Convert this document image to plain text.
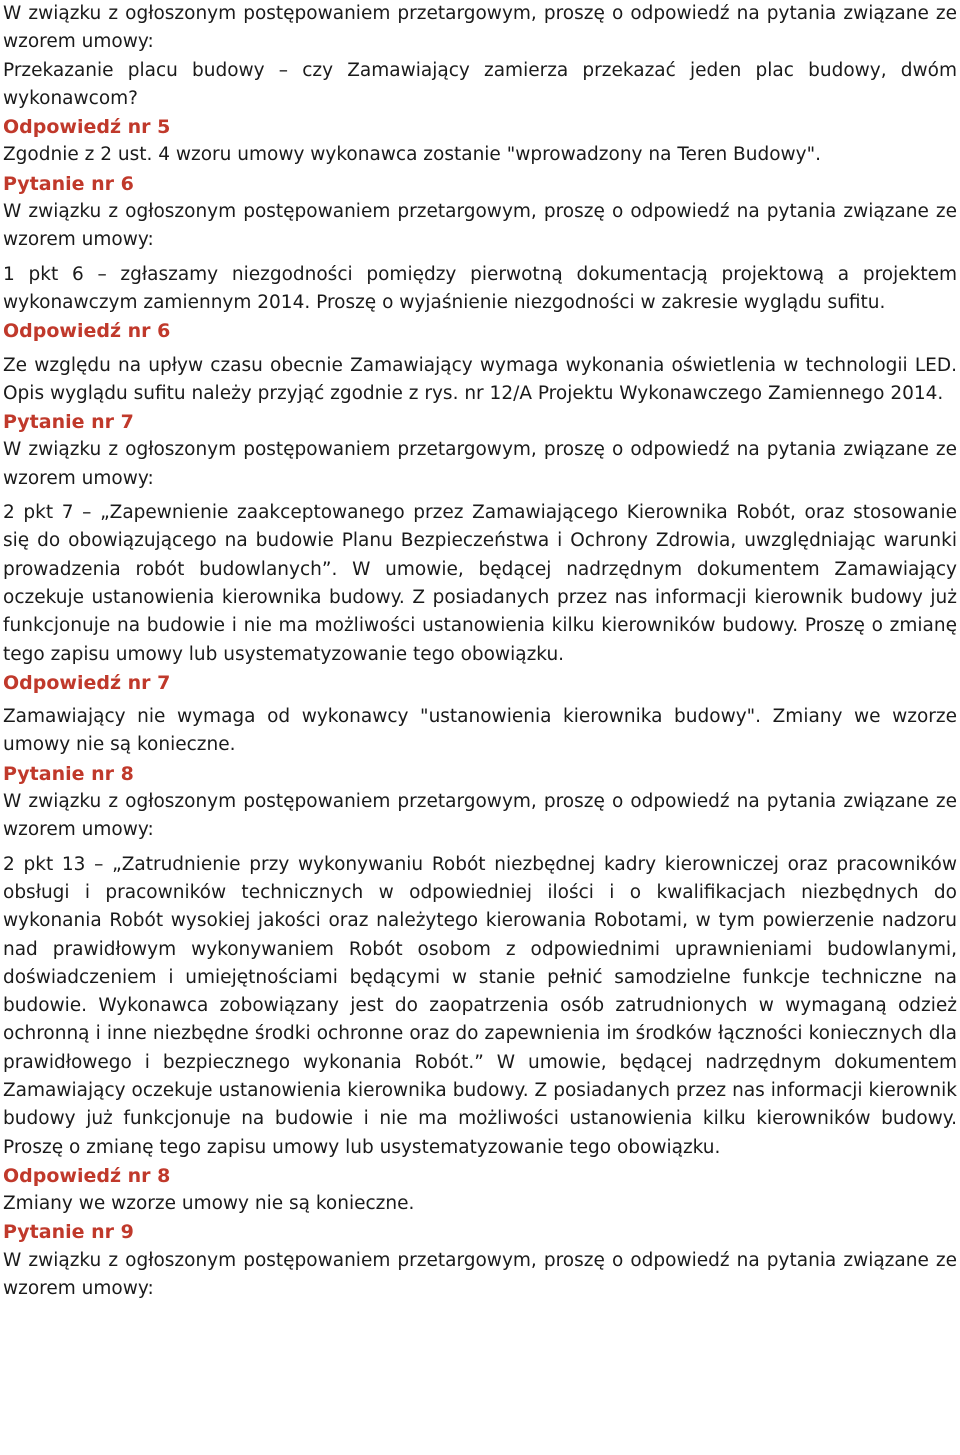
W związku z ogłoszonym postępowaniem przetargowym, proszę o odpowiedź na pytania związane ze wzorem umowy:

Przekazanie placu budowy – czy Zamawiający zamierza przekazać jeden plac budowy, dwóm wykonawcom?

Odpowiedź nr 5

Zgodnie z 2 ust. 4 wzoru umowy wykonawca zostanie "wprowadzony na Teren Budowy".

Pytanie nr 6

W związku z ogłoszonym postępowaniem przetargowym, proszę o odpowiedź na pytania związane ze wzorem umowy:

1 pkt 6 – zgłaszamy niezgodności pomiędzy pierwotną dokumentacją projektową a projektem wykonawczym zamiennym 2014. Proszę o wyjaśnienie niezgodności w zakresie wyglądu sufitu.

Odpowiedź nr 6

Ze względu na upływ czasu obecnie Zamawiający wymaga wykonania oświetlenia w technologii LED. Opis wyglądu sufitu należy przyjąć zgodnie z rys. nr 12/A Projektu Wykonawczego Zamiennego 2014.

Pytanie nr 7

W związku z ogłoszonym postępowaniem przetargowym, proszę o odpowiedź na pytania związane ze wzorem umowy:

2 pkt 7 – „Zapewnienie zaakceptowanego przez Zamawiającego Kierownika Robót, oraz stosowanie się do obowiązującego na budowie Planu Bezpieczeństwa i Ochrony Zdrowia, uwzględniając warunki prowadzenia robót budowlanych”. W umowie, będącej nadrzędnym dokumentem Zamawiający oczekuje ustanowienia kierownika budowy. Z posiadanych przez nas informacji kierownik budowy już funkcjonuje na budowie i nie ma możliwości ustanowienia kilku kierowników budowy. Proszę o zmianę tego zapisu umowy lub usystematyzowanie tego obowiązku.

Odpowiedź nr 7

Zamawiający nie wymaga od wykonawcy "ustanowienia kierownika budowy". Zmiany we wzorze umowy nie są konieczne.

Pytanie nr 8

W związku z ogłoszonym postępowaniem przetargowym, proszę o odpowiedź na pytania związane ze wzorem umowy:

2 pkt 13 – „Zatrudnienie przy wykonywaniu Robót niezbędnej kadry kierowniczej oraz pracowników obsługi i pracowników technicznych w odpowiedniej ilości i o kwalifikacjach niezbędnych do wykonania Robót wysokiej jakości oraz należytego kierowania Robotami, w tym powierzenie nadzoru nad prawidłowym wykonywaniem Robót osobom z odpowiednimi uprawnieniami budowlanymi, doświadczeniem i umiejętnościami będącymi w stanie pełnić samodzielne funkcje techniczne na budowie. Wykonawca zobowiązany jest do zaopatrzenia osób zatrudnionych w wymaganą odzież ochronną i inne niezbędne środki ochronne oraz do zapewnienia im środków łączności koniecznych dla prawidłowego i bezpiecznego wykonania Robót.” W umowie, będącej nadrzędnym dokumentem Zamawiający oczekuje ustanowienia kierownika budowy. Z posiadanych przez nas informacji kierownik budowy już funkcjonuje na budowie i nie ma możliwości ustanowienia kilku kierowników budowy. Proszę o zmianę tego zapisu umowy lub usystematyzowanie tego obowiązku.

Odpowiedź nr 8

Zmiany we wzorze umowy nie są konieczne.

Pytanie nr 9

W związku z ogłoszonym postępowaniem przetargowym, proszę o odpowiedź na pytania związane ze wzorem umowy:
